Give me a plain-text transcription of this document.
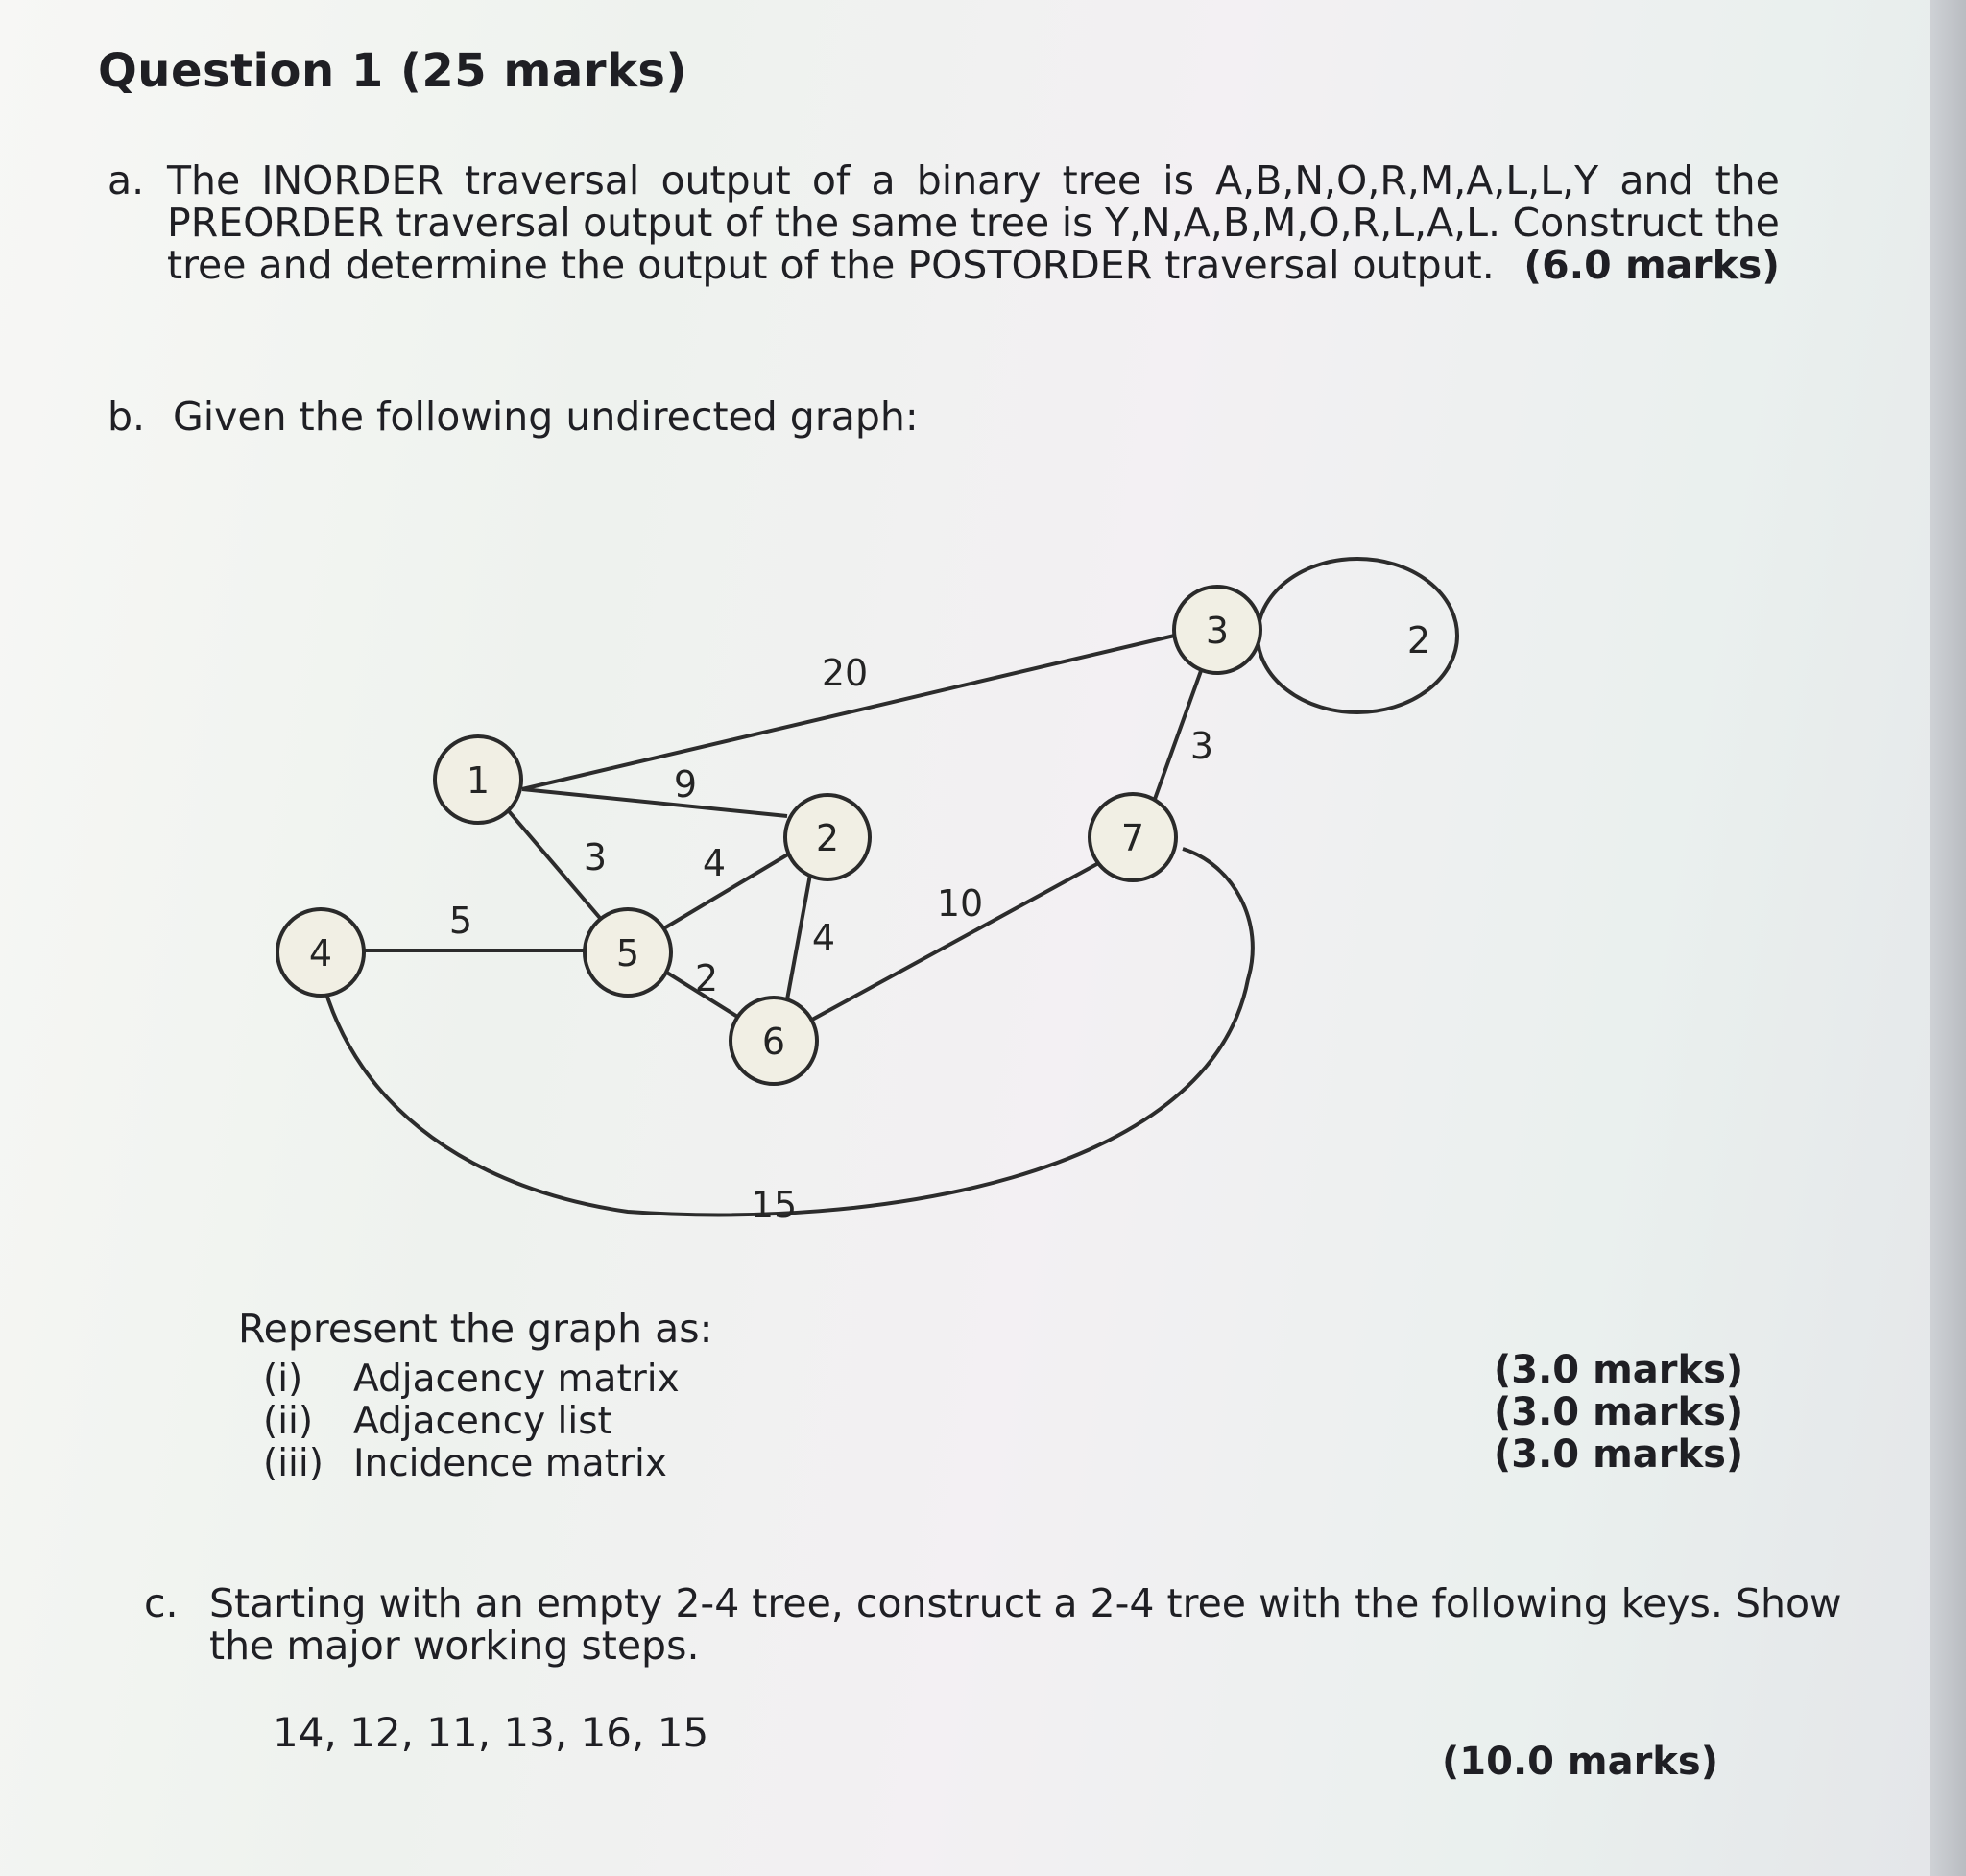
Question 1 (25 marks)
a. The INORDER traversal output of a binary tree is A,B,N,O,R,M,A,L,L,Y and the
PREORDER traversal output of the same tree is Y,N,A,B,M,O,R,L,A,L. Construct the
tree and determine the output of the POSTORDER traversal output. (6.0 marks)
b. Given the following undirected graph:
1
2
3
4	5
6
7
20
9
3
5
4
2
4
10
3
2
15
Represent the graph as:
(i) Adjacency matrix
(ii) Adjacency list
(iii) Incidence matrix
(3.0 marks)
(3.0 marks)
(3.0 marks)
c. Starting with an empty 2-4 tree, construct a 2-4 tree with the following keys. Show
the major working steps.
14, 12, 11, 13, 16, 15
(10.0 marks)
